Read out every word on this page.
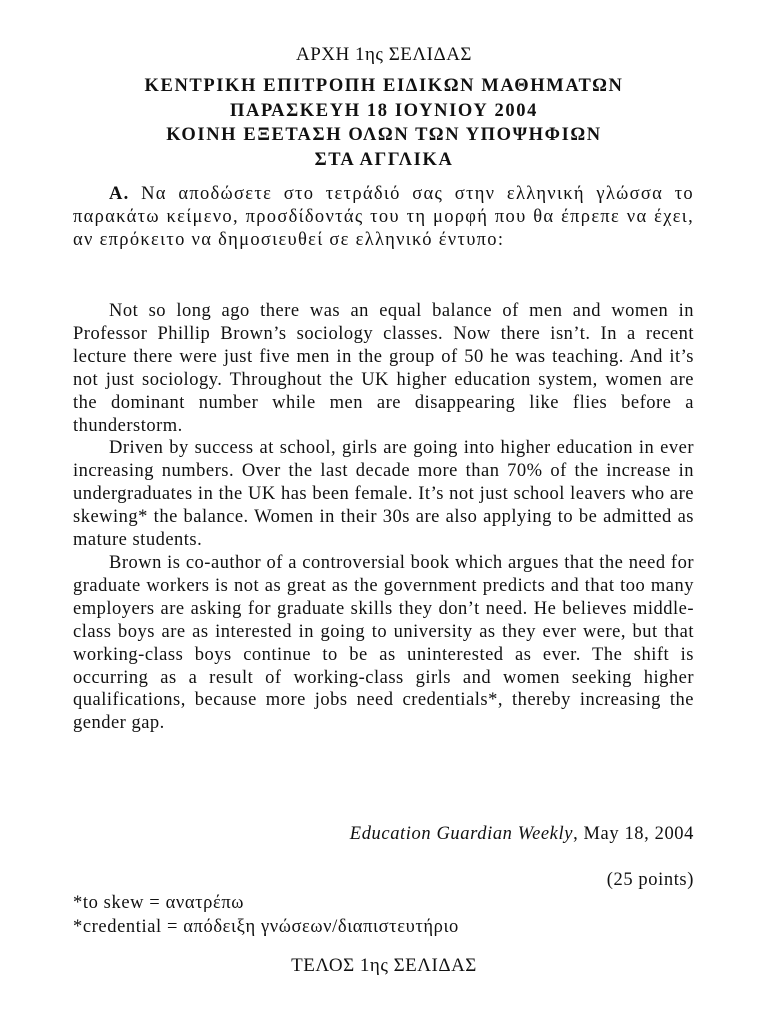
ΑΡΧΗ 1ης ΣΕΛΙΔΑΣ
ΚΕΝΤΡΙΚΗ ΕΠΙΤΡΟΠΗ ΕΙΔΙΚΩΝ ΜΑΘΗΜΑΤΩΝ
ΠΑΡΑΣΚΕΥΗ 18 ΙΟΥΝΙΟΥ 2004
ΚΟΙΝΗ ΕΞΕΤΑΣΗ ΟΛΩΝ ΤΩΝ ΥΠΟΨΗΦΙΩΝ
ΣΤΑ ΑΓΓΛΙΚΑ
Α. Να αποδώσετε στο τετράδιό σας στην ελληνική γλώσσα το παρακάτω κείμενο, προσδίδοντάς του τη μορφή που θα έπρεπε να έχει, αν επρόκειτο να δημοσιευθεί σε ελληνικό έντυπο:

Not so long ago there was an equal balance of men and women in Professor Phillip Brown’s sociology classes. Now there isn’t. In a recent lecture there were just five men in the group of 50 he was teaching. And it’s not just sociology. Throughout the UK higher education system, women are the dominant number while men are disappearing like flies before a thunderstorm.

Driven by success at school, girls are going into higher education in ever increasing numbers. Over the last decade more than 70% of the increase in undergraduates in the UK has been female. It’s not just school leavers who are skewing* the balance. Women in their 30s are also applying to be admitted as mature students.

Brown is co-author of a controversial book which argues that the need for graduate workers is not as great as the government predicts and that too many employers are asking for graduate skills they don’t need. He believes middle-class boys are as interested in going to university as they ever were, but that working-class boys continue to be as uninterested as ever. The shift is occurring as a result of working-class girls and women seeking higher qualifications, because more jobs need credentials*, thereby increasing the gender gap.

Education Guardian Weekly, May 18, 2004
(25 points)
*to skew = ανατρέπω
*credential = απόδειξη γνώσεων/διαπιστευτήριο
ΤΕΛΟΣ 1ης ΣΕΛΙΔΑΣ
